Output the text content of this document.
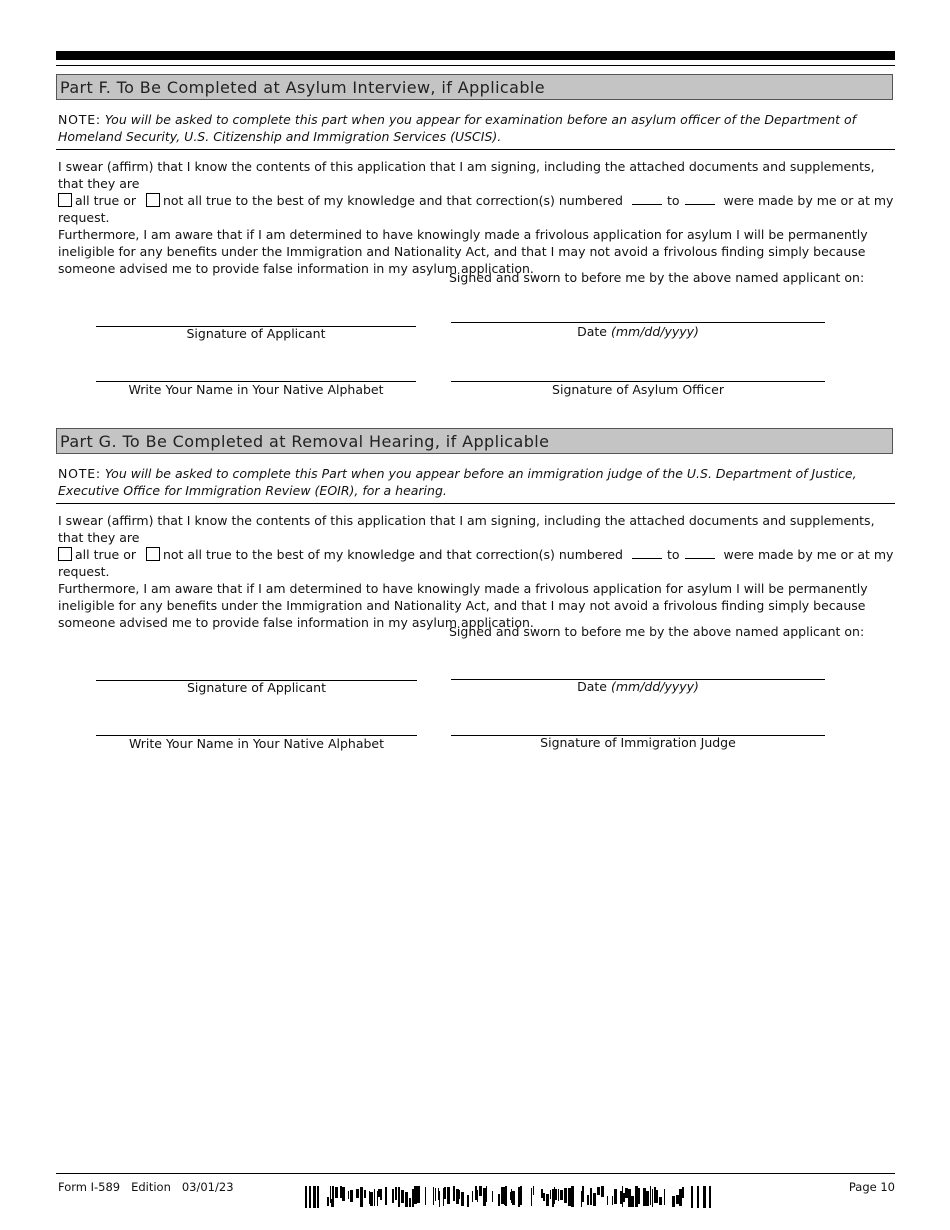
Part F. To Be Completed at Asylum Interview, if Applicable
NOTE: You will be asked to complete this part when you appear for examination before an asylum officer of the Department of Homeland Security, U.S. Citizenship and Immigration Services (USCIS).
I swear (affirm) that I know the contents of this application that I am signing, including the attached documents and supplements, that they are
all true or not all true to the best of my knowledge and that correction(s) numbered	to	were made by me or at my request.
Furthermore, I am aware that if I am determined to have knowingly made a frivolous application for asylum I will be permanently ineligible for any benefits under the Immigration and Nationality Act, and that I may not avoid a frivolous finding simply because someone advised me to provide false information in my asylum application.
Signed and sworn to before me by the above named applicant on:
Signature of Applicant	Date (mm/dd/yyyy)
Write Your Name in Your Native Alphabet	Signature of Asylum Officer
Part G. To Be Completed at Removal Hearing, if Applicable
NOTE: You will be asked to complete this Part when you appear before an immigration judge of the U.S. Department of Justice, Executive Office for Immigration Review (EOIR), for a hearing.
I swear (affirm) that I know the contents of this application that I am signing, including the attached documents and supplements, that they are
all true or not all true to the best of my knowledge and that correction(s) numbered	to	were made by me or at my request.
Furthermore, I am aware that if I am determined to have knowingly made a frivolous application for asylum I will be permanently ineligible for any benefits under the Immigration and Nationality Act, and that I may not avoid a frivolous finding simply because someone advised me to provide false information in my asylum application.
Signed and sworn to before me by the above named applicant on:
Signature of Applicant	Date (mm/dd/yyyy)
Write Your Name in Your Native Alphabet	Signature of Immigration Judge
Form I-589 Edition 03/01/23	Page 10
